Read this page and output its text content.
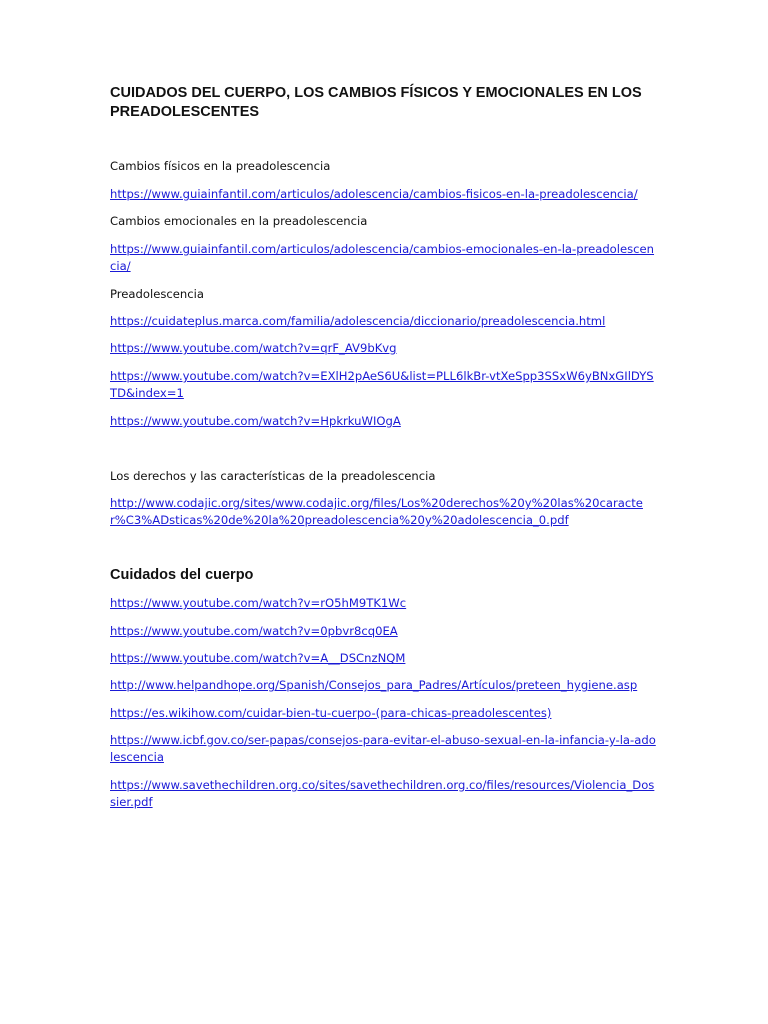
CUIDADOS DEL CUERPO, LOS CAMBIOS FÍSICOS Y EMOCIONALES EN LOS PREADOLESCENTES

Cambios físicos en la preadolescencia

https://www.guiainfantil.com/articulos/adolescencia/cambios-fisicos-en-la-preadolescencia/

Cambios emocionales en la preadolescencia

https://www.guiainfantil.com/articulos/adolescencia/cambios-emocionales-en-la-preadolescencia/

Preadolescencia

https://cuidateplus.marca.com/familia/adolescencia/diccionario/preadolescencia.html
https://www.youtube.com/watch?v=qrF_AV9bKvg
https://www.youtube.com/watch?v=EXlH2pAeS6U&list=PLL6lkBr-vtXeSpp3SSxW6yBNxGIlDYSTD&index=1
https://www.youtube.com/watch?v=HpkrkuWIOgA

Los derechos y las características de la preadolescencia

http://www.codajic.org/sites/www.codajic.org/files/Los%20derechos%20y%20las%20caracter%C3%ADsticas%20de%20la%20preadolescencia%20y%20adolescencia_0.pdf
Cuidados del cuerpo
https://www.youtube.com/watch?v=rO5hM9TK1Wc
https://www.youtube.com/watch?v=0pbvr8cq0EA
https://www.youtube.com/watch?v=A__DSCnzNQM
http://www.helpandhope.org/Spanish/Consejos_para_Padres/Artículos/preteen_hygiene.asp
https://es.wikihow.com/cuidar-bien-tu-cuerpo-(para-chicas-preadolescentes)
https://www.icbf.gov.co/ser-papas/consejos-para-evitar-el-abuso-sexual-en-la-infancia-y-la-adolescencia
https://www.savethechildren.org.co/sites/savethechildren.org.co/files/resources/Violencia_Dossier.pdf
